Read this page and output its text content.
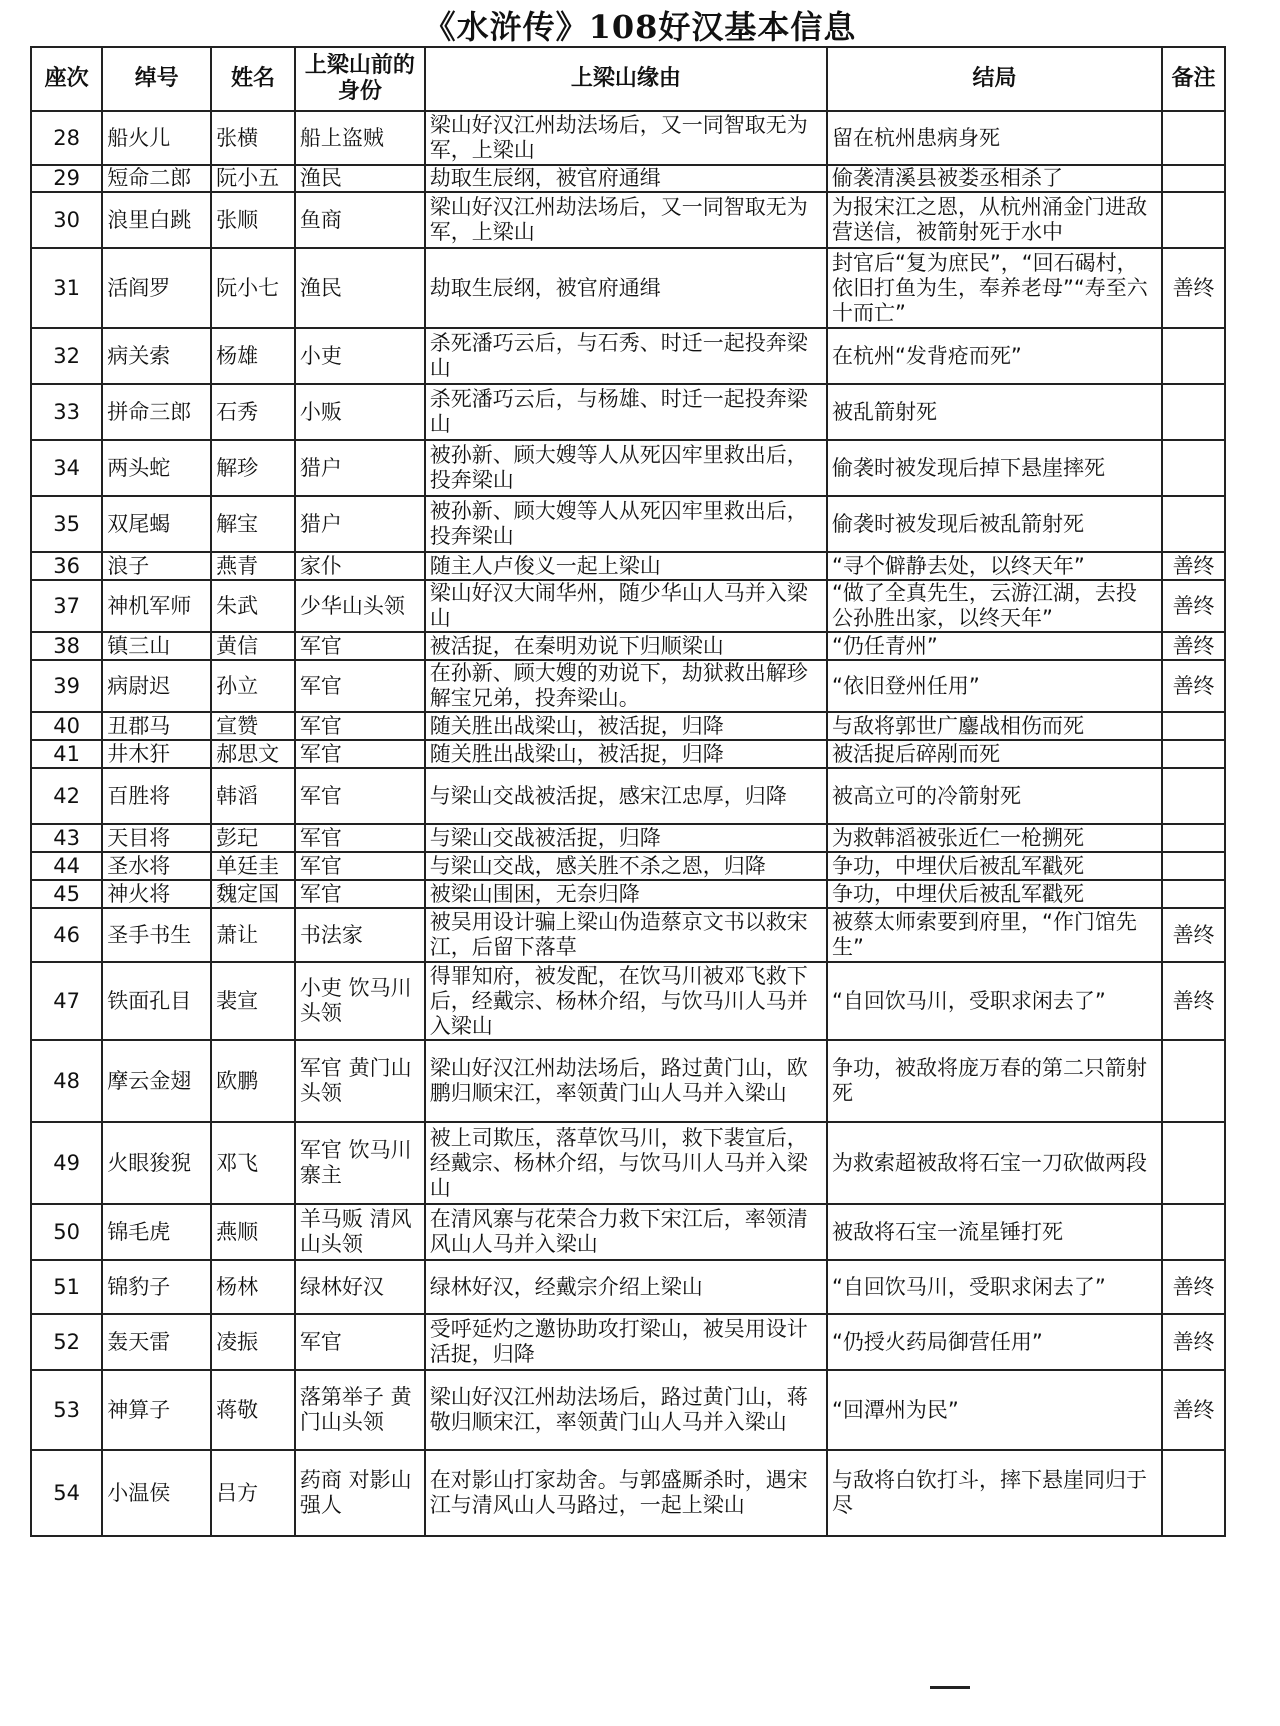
《水浒传》108好汉基本信息
座次	绰号	姓名	上梁山前的身份	上梁山缘由	结局	备注
28	船火儿	张横	船上盗贼	梁山好汉江州劫法场后，又一同智取无为军，上梁山	留在杭州患病身死	
29	短命二郎	阮小五	渔民	劫取生辰纲，被官府通缉	偷袭清溪县被娄丞相杀了	
30	浪里白跳	张顺	鱼商	梁山好汉江州劫法场后，又一同智取无为军，上梁山	为报宋江之恩，从杭州涌金门进敌营送信，被箭射死于水中	
31	活阎罗	阮小七	渔民	劫取生辰纲，被官府通缉	封官后“复为庶民”，“回石碣村，依旧打鱼为生，奉养老母”“寿至六十而亡”	善终
32	病关索	杨雄	小吏	杀死潘巧云后，与石秀、时迁一起投奔梁山	在杭州“发背疮而死”	
33	拼命三郎	石秀	小贩	杀死潘巧云后，与杨雄、时迁一起投奔梁山	被乱箭射死	
34	两头蛇	解珍	猎户	被孙新、顾大嫂等人从死囚牢里救出后，投奔梁山	偷袭时被发现后掉下悬崖摔死	
35	双尾蝎	解宝	猎户	被孙新、顾大嫂等人从死囚牢里救出后，投奔梁山	偷袭时被发现后被乱箭射死	
36	浪子	燕青	家仆	随主人卢俊义一起上梁山	“寻个僻静去处，以终天年”	善终
37	神机军师	朱武	少华山头领	梁山好汉大闹华州，随少华山人马并入梁山	“做了全真先生，云游江湖，去投公孙胜出家，以终天年”	善终
38	镇三山	黄信	军官	被活捉，在秦明劝说下归顺梁山	“仍任青州”	善终
39	病尉迟	孙立	军官	在孙新、顾大嫂的劝说下，劫狱救出解珍解宝兄弟，投奔梁山。	“依旧登州任用”	善终
40	丑郡马	宣赞	军官	随关胜出战梁山，被活捉，归降	与敌将郭世广鏖战相伤而死	
41	井木犴	郝思文	军官	随关胜出战梁山，被活捉，归降	被活捉后碎剐而死	
42	百胜将	韩滔	军官	与梁山交战被活捉，感宋江忠厚，归降	被高立可的冷箭射死	
43	天目将	彭玘	军官	与梁山交战被活捉，归降	为救韩滔被张近仁一枪搠死	
44	圣水将	单廷圭	军官	与梁山交战，感关胜不杀之恩，归降	争功，中埋伏后被乱军戳死	
45	神火将	魏定国	军官	被梁山围困，无奈归降	争功，中埋伏后被乱军戳死	
46	圣手书生	萧让	书法家	被吴用设计骗上梁山伪造蔡京文书以救宋江，后留下落草	被蔡太师索要到府里，“作门馆先生”	善终
47	铁面孔目	裴宣	小吏 饮马川头领	得罪知府，被发配，在饮马川被邓飞救下后，经戴宗、杨林介绍，与饮马川人马并入梁山	“自回饮马川，受职求闲去了”	善终
48	摩云金翅	欧鹏	军官 黄门山头领	梁山好汉江州劫法场后，路过黄门山，欧鹏归顺宋江，率领黄门山人马并入梁山	争功，被敌将庞万春的第二只箭射死	
49	火眼狻猊	邓飞	军官 饮马川寨主	被上司欺压，落草饮马川，救下裴宣后，经戴宗、杨林介绍，与饮马川人马并入梁山	为救索超被敌将石宝一刀砍做两段	
50	锦毛虎	燕顺	羊马贩 清风山头领	在清风寨与花荣合力救下宋江后，率领清风山人马并入梁山	被敌将石宝一流星锤打死	
51	锦豹子	杨林	绿林好汉	绿林好汉，经戴宗介绍上梁山	“自回饮马川，受职求闲去了”	善终
52	轰天雷	凌振	军官	受呼延灼之邀协助攻打梁山，被吴用设计活捉，归降	“仍授火药局御营任用”	善终
53	神算子	蒋敬	落第举子 黄门山头领	梁山好汉江州劫法场后，路过黄门山，蒋敬归顺宋江，率领黄门山人马并入梁山	“回潭州为民”	善终
54	小温侯	吕方	药商 对影山强人	在对影山打家劫舍。与郭盛厮杀时，遇宋江与清风山人马路过，一起上梁山	与敌将白钦打斗，摔下悬崖同归于尽	
